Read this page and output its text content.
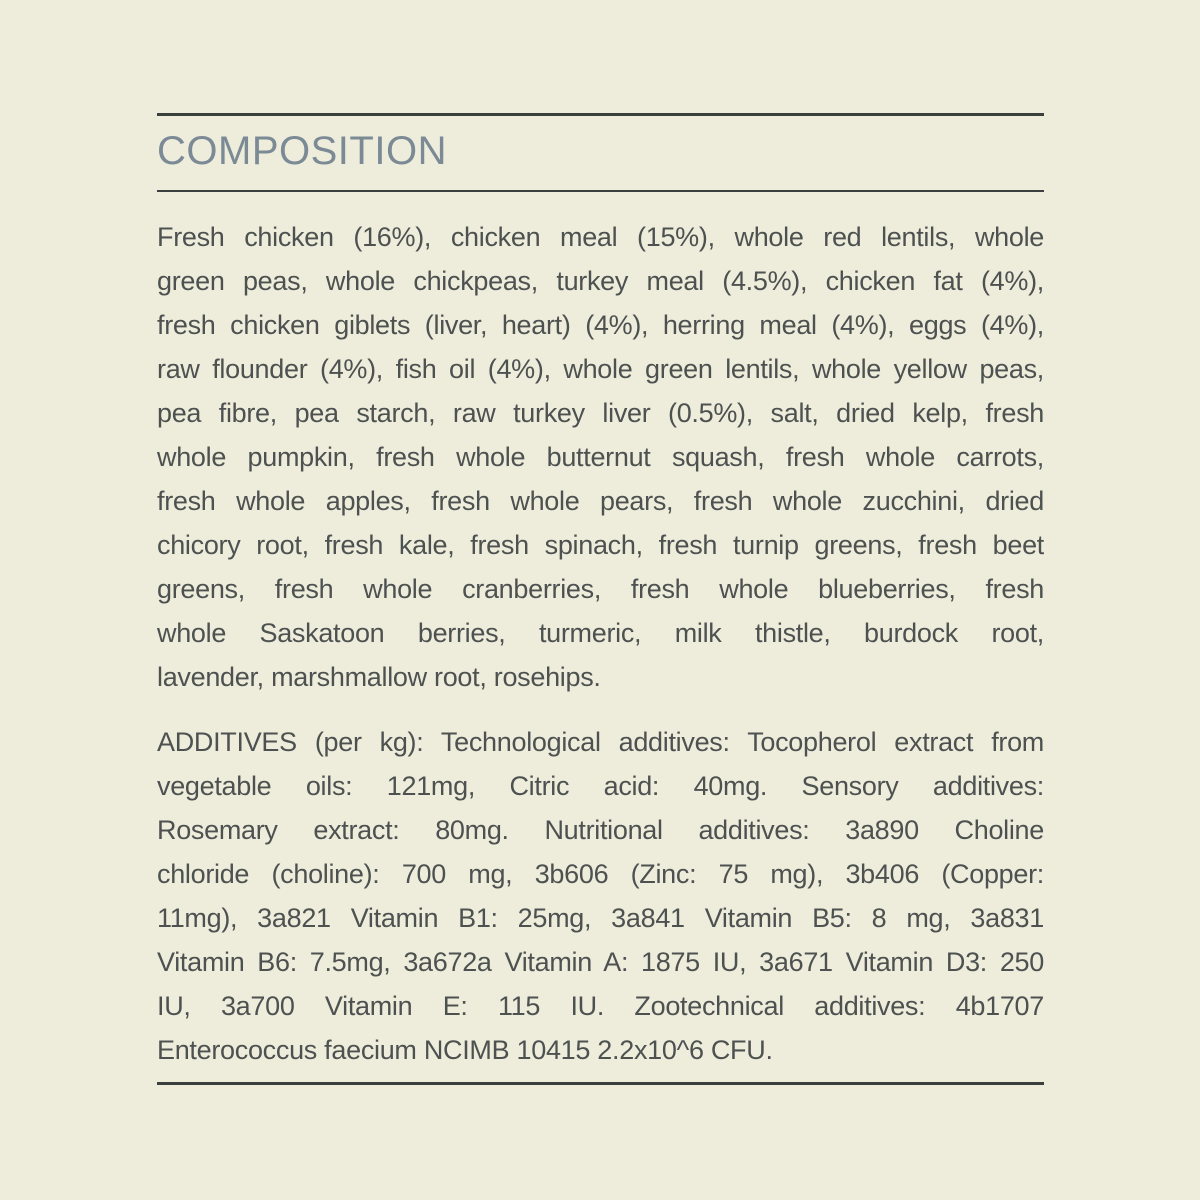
COMPOSITION
Fresh chicken (16%), chicken meal (15%), whole red lentils, whole
green peas, whole chickpeas, turkey meal (4.5%), chicken fat (4%),
fresh chicken giblets (liver, heart) (4%), herring meal (4%), eggs (4%),
raw flounder (4%), fish oil (4%), whole green lentils, whole yellow peas,
pea fibre, pea starch, raw turkey liver (0.5%), salt, dried kelp, fresh
whole pumpkin, fresh whole butternut squash, fresh whole carrots,
fresh whole apples, fresh whole pears, fresh whole zucchini, dried
chicory root, fresh kale, fresh spinach, fresh turnip greens, fresh beet
greens, fresh whole cranberries, fresh whole blueberries, fresh
whole Saskatoon berries, turmeric, milk thistle, burdock root,
lavender, marshmallow root, rosehips.
ADDITIVES (per kg): Technological additives: Tocopherol extract from
vegetable oils: 121mg, Citric acid: 40mg. Sensory additives:
Rosemary extract: 80mg. Nutritional additives: 3a890 Choline
chloride (choline): 700 mg, 3b606 (Zinc: 75 mg), 3b406 (Copper:
11mg), 3a821 Vitamin B1: 25mg, 3a841 Vitamin B5: 8 mg, 3a831
Vitamin B6: 7.5mg, 3a672a Vitamin A: 1875 IU, 3a671 Vitamin D3: 250
IU, 3a700 Vitamin E: 115 IU. Zootechnical additives: 4b1707
Enterococcus faecium NCIMB 10415 2.2x10^6 CFU.
